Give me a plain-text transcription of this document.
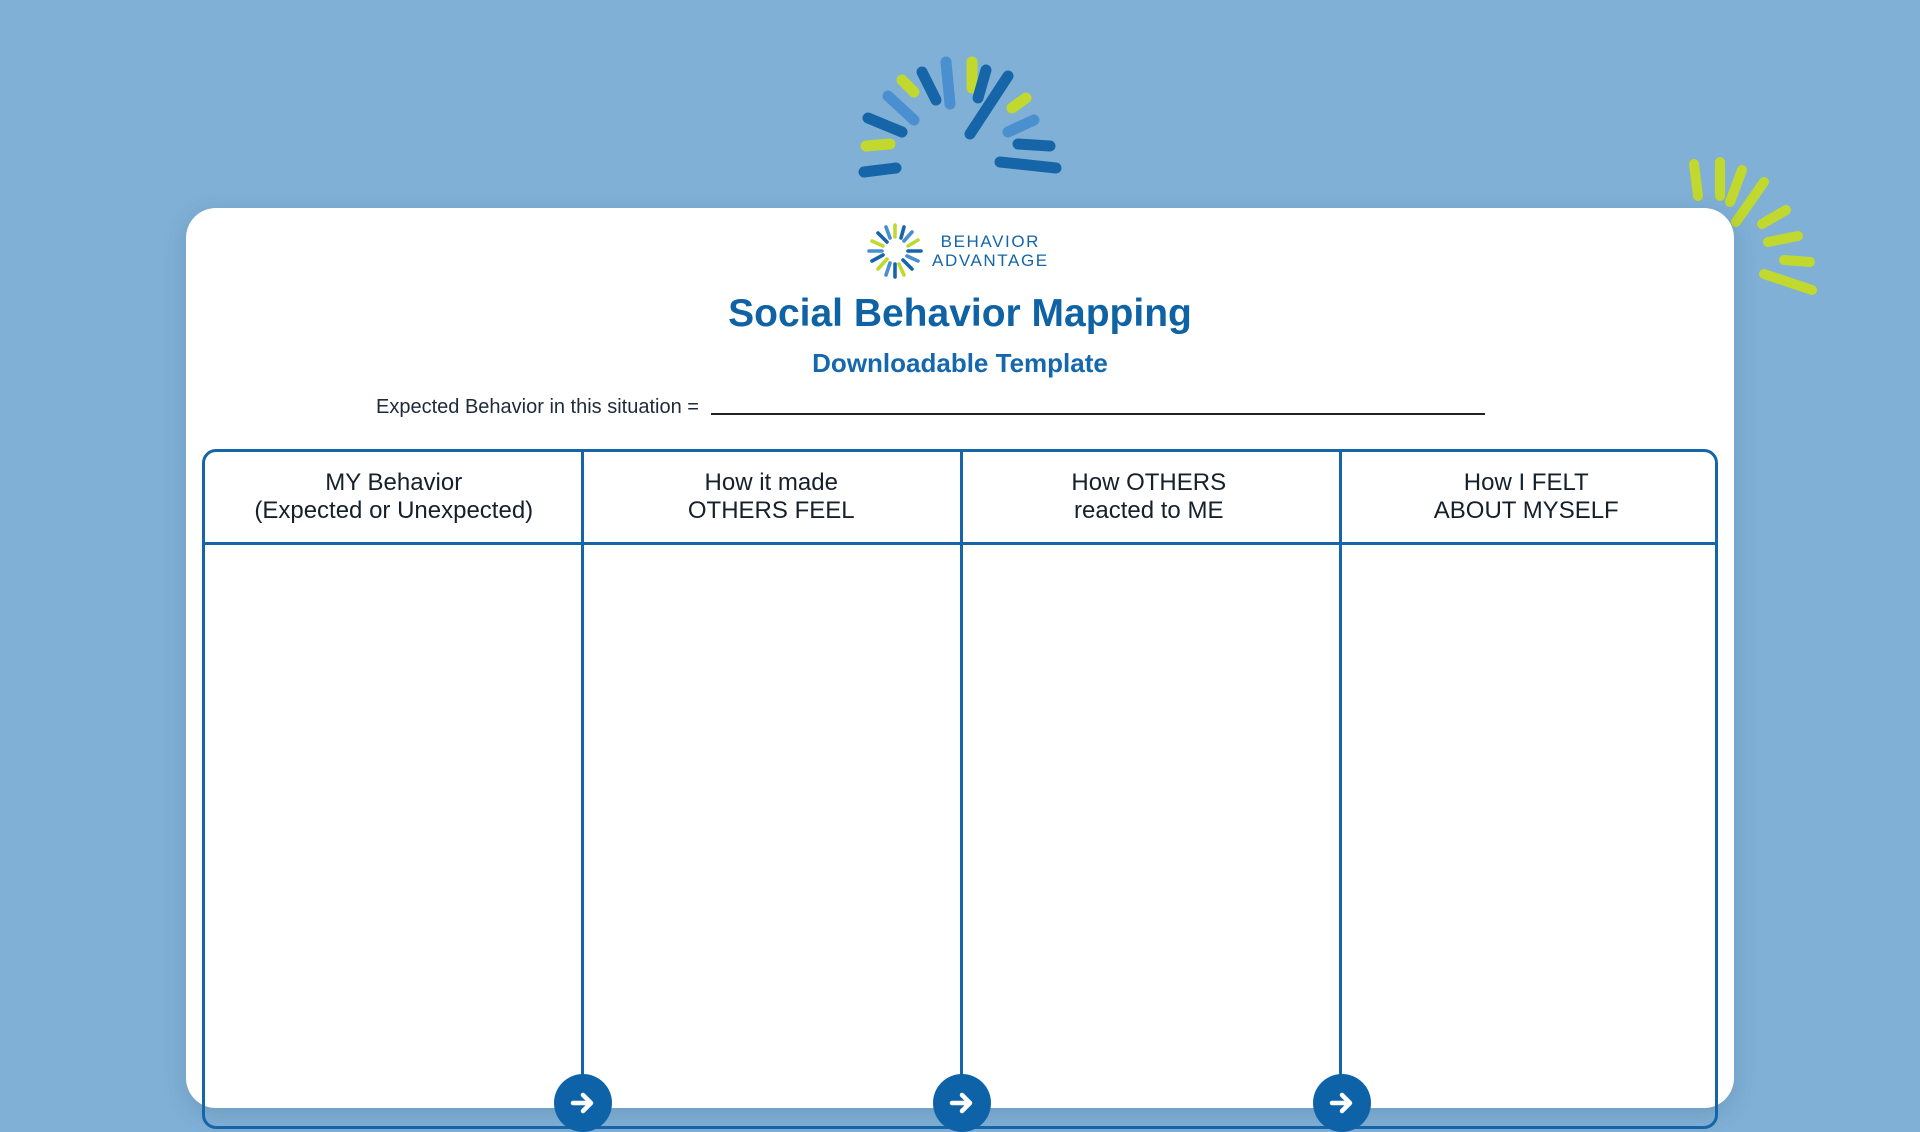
BEHAVIOR
ADVANTAGE
Social Behavior Mapping
Downloadable Template
Expected Behavior in this situation =
MY Behavior
(Expected or Unexpected)
How it made
OTHERS FEEL
How OTHERS
reacted to ME
How I FELT
ABOUT MYSELF
